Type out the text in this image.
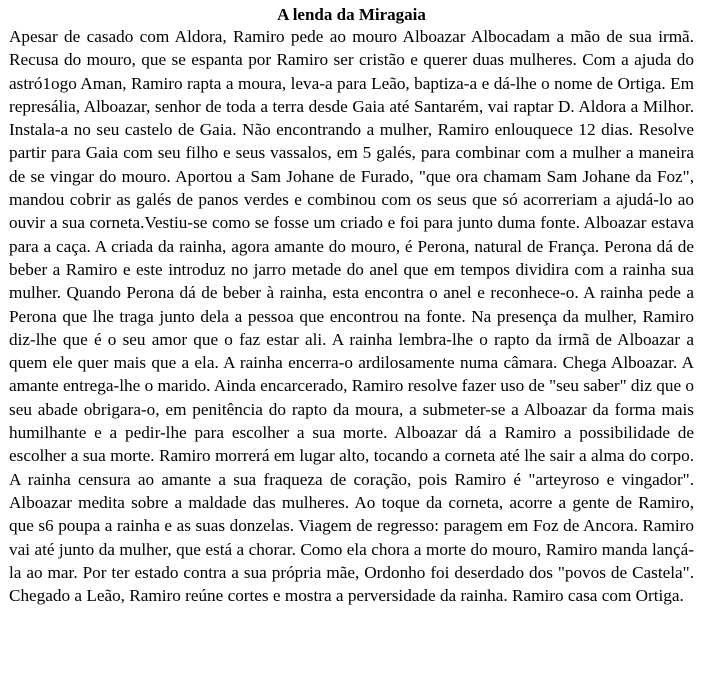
A lenda da Miragaia

Apesar de casado com Aldora, Ramiro pede ao mouro Alboazar Albocadam a mão de sua irmã. Recusa do mouro, que se espanta por Ramiro ser cristão e querer duas mulheres. Com a ajuda do astró1ogo Aman, Ramiro rapta a moura, leva-a para Leão, baptiza-a e dá-lhe o nome de Ortiga. Em represália, Alboazar, senhor de toda a terra desde Gaia até Santarém, vai raptar D. Aldora a Milhor. Instala-a no seu castelo de Gaia. Não encontrando a mulher, Ramiro enlouquece 12 dias. Resolve partir para Gaia com seu filho e seus vassalos, em 5 galés, para combinar com a mulher a maneira de se vingar do mouro. Aportou a Sam Johane de Furado, "que ora chamam Sam Johane da Foz", mandou cobrir as galés de panos verdes e combinou com os seus que só acorreriam a ajudá-lo ao ouvir a sua corneta.Vestiu-se como se fosse um criado e foi para junto duma fonte. Alboazar estava para a caça. A criada da rainha, agora amante do mouro, é Perona, natural de França. Perona dá de beber a Ramiro e este introduz no jarro metade do anel que em tempos dividira com a rainha sua mulher. Quando Perona dá de beber à rainha, esta encontra o anel e reconhece-o. A rainha pede a Perona que lhe traga junto dela a pessoa que encontrou na fonte. Na presença da mulher, Ramiro diz-lhe que é o seu amor que o faz estar ali. A rainha lembra-lhe o rapto da irmã de Alboazar a quem ele quer mais que a ela. A rainha encerra-o ardilosamente numa câmara. Chega Alboazar. A amante entrega-lhe o marido. Ainda encarcerado, Ramiro resolve fazer uso de "seu saber" diz que o seu abade obrigara-o, em penitência do rapto da moura, a submeter-se a Alboazar da forma mais humilhante e a pedir-lhe para escolher a sua morte. Alboazar dá a Ramiro a possibilidade de escolher a sua morte. Ramiro morrerá em lugar alto, tocando a corneta até lhe sair a alma do corpo. A rainha censura ao amante a sua fraqueza de coração, pois Ramiro é "arteyroso e vingador". Alboazar medita sobre a maldade das mulheres. Ao toque da corneta, acorre a gente de Ramiro, que s6 poupa a rainha e as suas donzelas. Viagem de regresso: paragem em Foz de Ancora. Ramiro vai até junto da mulher, que está a chorar. Como ela chora a morte do mouro, Ramiro manda lançá-la ao mar. Por ter estado contra a sua própria mãe, Ordonho foi deserdado dos "povos de Castela". Chegado a Leão, Ramiro reúne cortes e mostra a perversidade da rainha. Ramiro casa com Ortiga.
